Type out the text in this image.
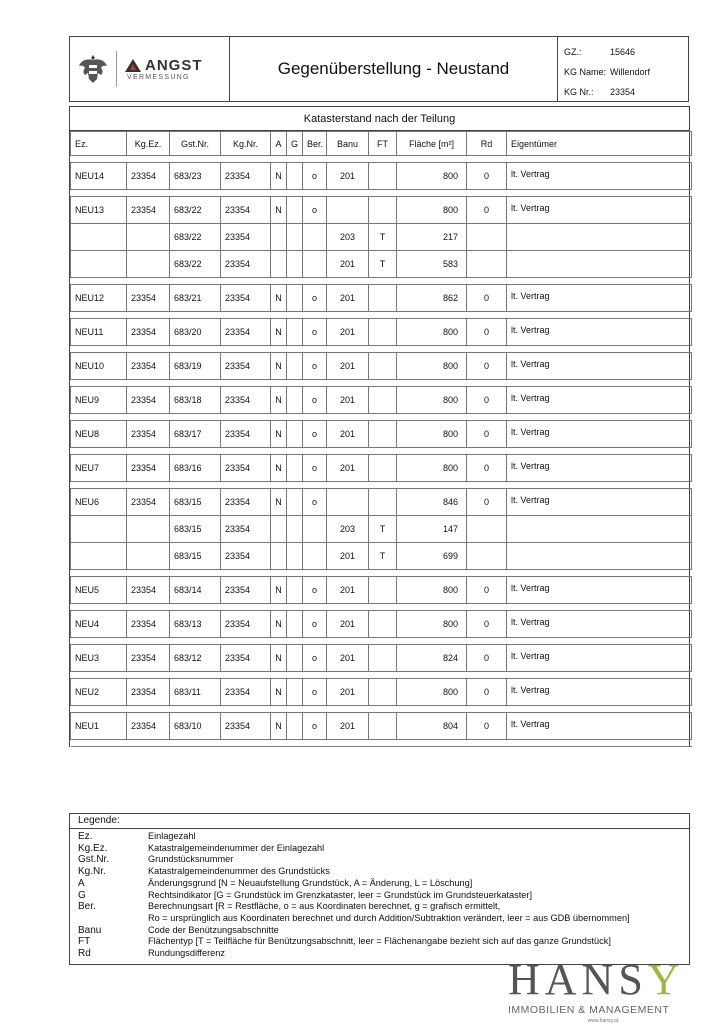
ANGST
VERMESSUNG	Gegenüberstellung - Neustand
GZ.:	15646
KG Name: Willendorf
KG Nr.:	23354
Katasterstand nach der Teilung
Ez.	Kg.Ez.	Gst.Nr.	Kg.Nr.	A	G	Ber.	Banu	FT	Fläche [m²]	Rd	Eigentümer

NEU14	23354	683/23	23354	N		o	201		800	0	lt. Vertrag

NEU13	23354	683/22	23354	N		o			800	0	lt. Vertrag
		683/22	23354				203	T	217		
		683/22	23354				201	T	583		

NEU12	23354	683/21	23354	N		o	201		862	0	lt. Vertrag

NEU11	23354	683/20	23354	N		o	201		800	0	lt. Vertrag

NEU10	23354	683/19	23354	N		o	201		800	0	lt. Vertrag

NEU9	23354	683/18	23354	N		o	201		800	0	lt. Vertrag

NEU8	23354	683/17	23354	N		o	201		800	0	lt. Vertrag

NEU7	23354	683/16	23354	N		o	201		800	0	lt. Vertrag

NEU6	23354	683/15	23354	N		o			846	0	lt. Vertrag
		683/15	23354				203	T	147		
		683/15	23354				201	T	699		

NEU5	23354	683/14	23354	N		o	201		800	0	lt. Vertrag

NEU4	23354	683/13	23354	N		o	201		800	0	lt. Vertrag

NEU3	23354	683/12	23354	N		o	201		824	0	lt. Vertrag

NEU2	23354	683/11	23354	N		o	201		800	0	lt. Vertrag

NEU1	23354	683/10	23354	N		o	201		804	0	lt. Vertrag

Legende:
Ez.	Einlagezahl
Kg.Ez.	Katastralgemeindenummer der Einlagezahl
Gst.Nr.	Grundstücksnummer
Kg.Nr.	Katastralgemeindenummer des Grundstücks
A	Änderungsgrund [N = Neuaufstellung Grundstück, A = Änderung, L = Löschung]
G	Rechtsindikator [G = Grundstück im Grenzkataster, leer = Grundstück im Grundsteuerkataster]
Ber.	Berechnungsart [R = Restfläche, o = aus Koordinaten berechnet, g = grafisch ermittelt,
Ro = ursprünglich aus Koordinaten berechnet und durch Addition/Subtraktion verändert, leer = aus GDB übernommen]
Banu	Code der Benützungsabschnitte
FT	Flächentyp [T = Teilfläche für Benützungsabschnitt, leer = Flächenangabe bezieht sich auf das ganze Grundstück]
Rd	Rundungsdifferenz
HANSY
IMMOBILIEN & MANAGEMENT
www.hansy.at
